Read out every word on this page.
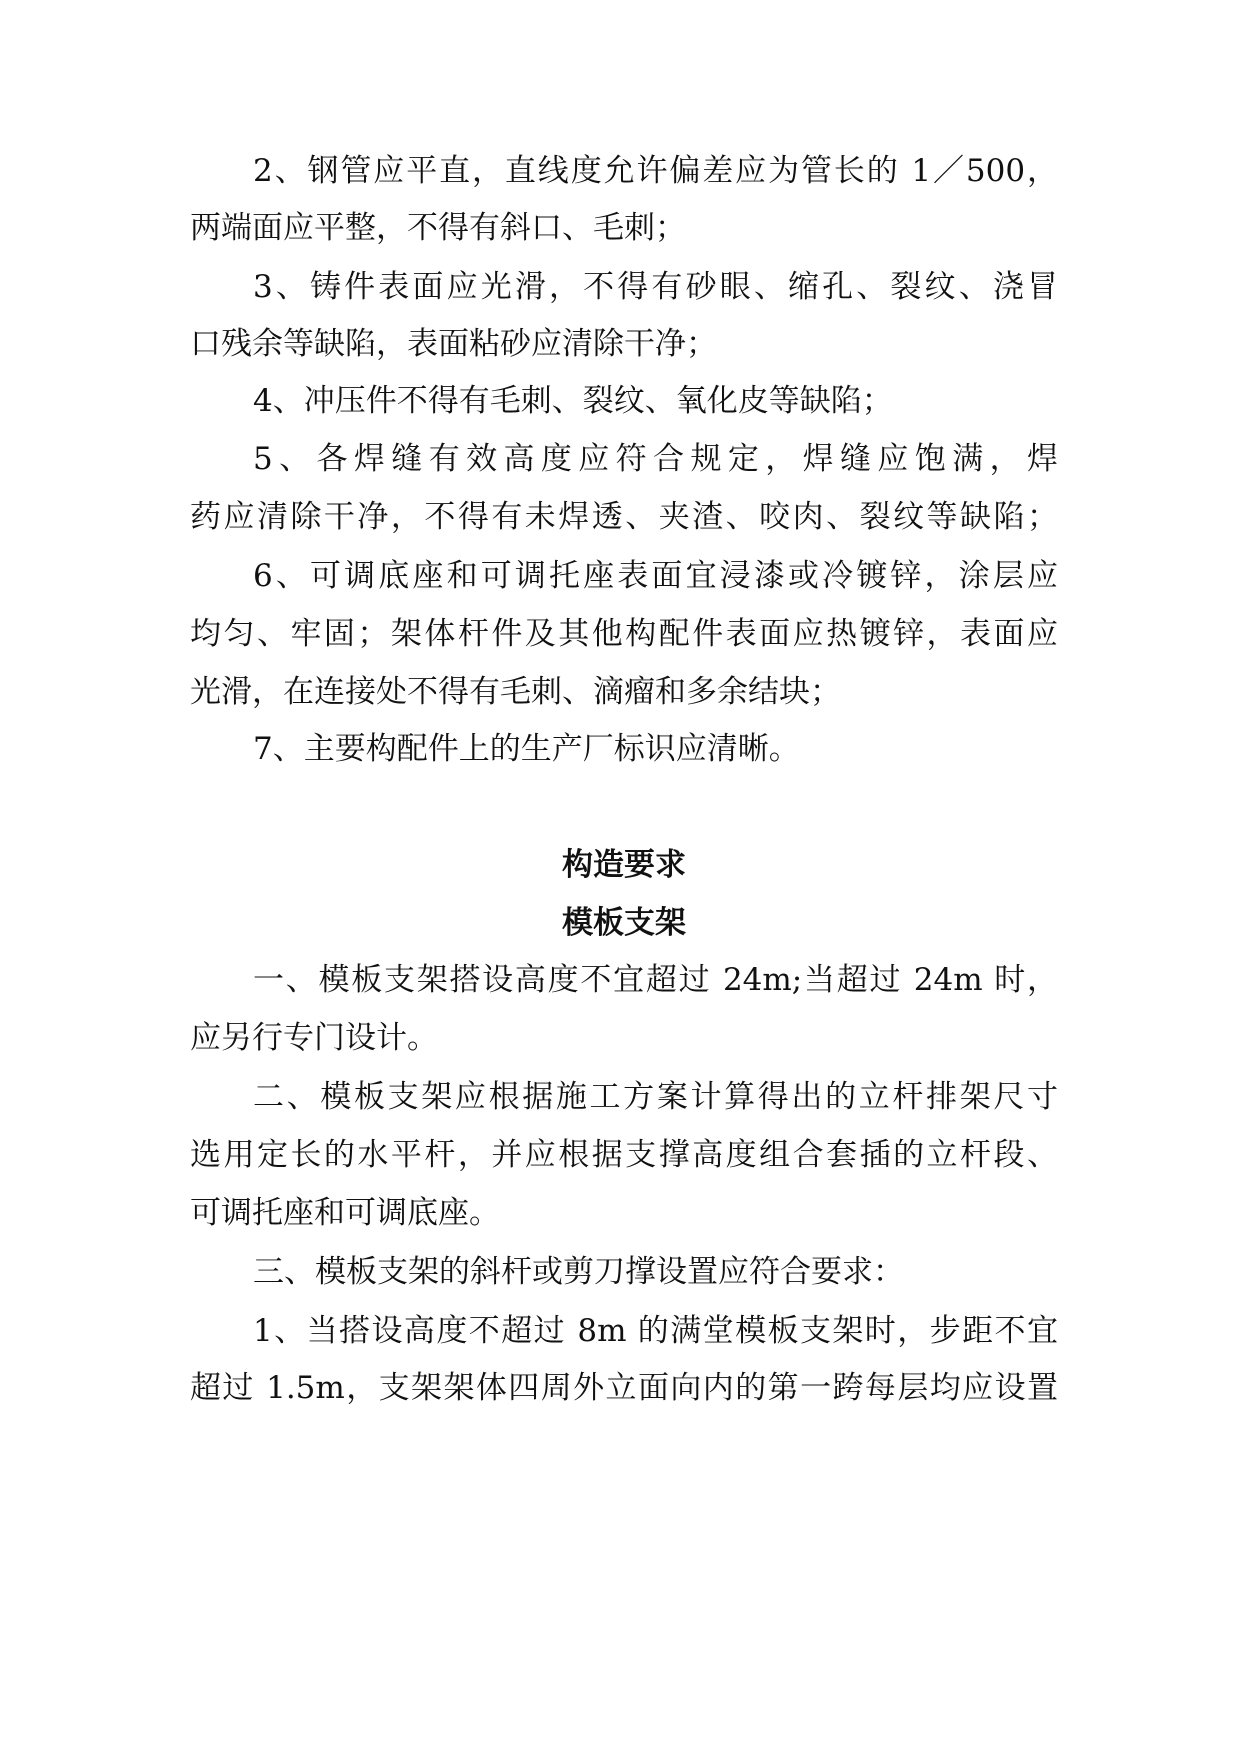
2、钢管应平直，直线度允许偏差应为管长的 1／500，
两端面应平整，不得有斜口、毛刺；
3、铸件表面应光滑，不得有砂眼、缩孔、裂纹、浇冒
口残余等缺陷，表面粘砂应清除干净；
4、冲压件不得有毛刺、裂纹、氧化皮等缺陷；
5、各焊缝有效高度应符合规定，焊缝应饱满，焊
药应清除干净，不得有未焊透、夹渣、咬肉、裂纹等缺陷；
6、可调底座和可调托座表面宜浸漆或冷镀锌，涂层应
均匀、牢固；架体杆件及其他构配件表面应热镀锌，表面应
光滑，在连接处不得有毛刺、滴瘤和多余结块；
7、主要构配件上的生产厂标识应清晰。
构造要求
模板支架
一、模板支架搭设高度不宜超过 24m;当超过 24m 时，
应另行专门设计。
二、模板支架应根据施工方案计算得出的立杆排架尺寸
选用定长的水平杆，并应根据支撑高度组合套插的立杆段、
可调托座和可调底座。
三、模板支架的斜杆或剪刀撑设置应符合要求：
1、当搭设高度不超过 8m 的满堂模板支架时，步距不宜
超过 1.5m，支架架体四周外立面向内的第一跨每层均应设置
